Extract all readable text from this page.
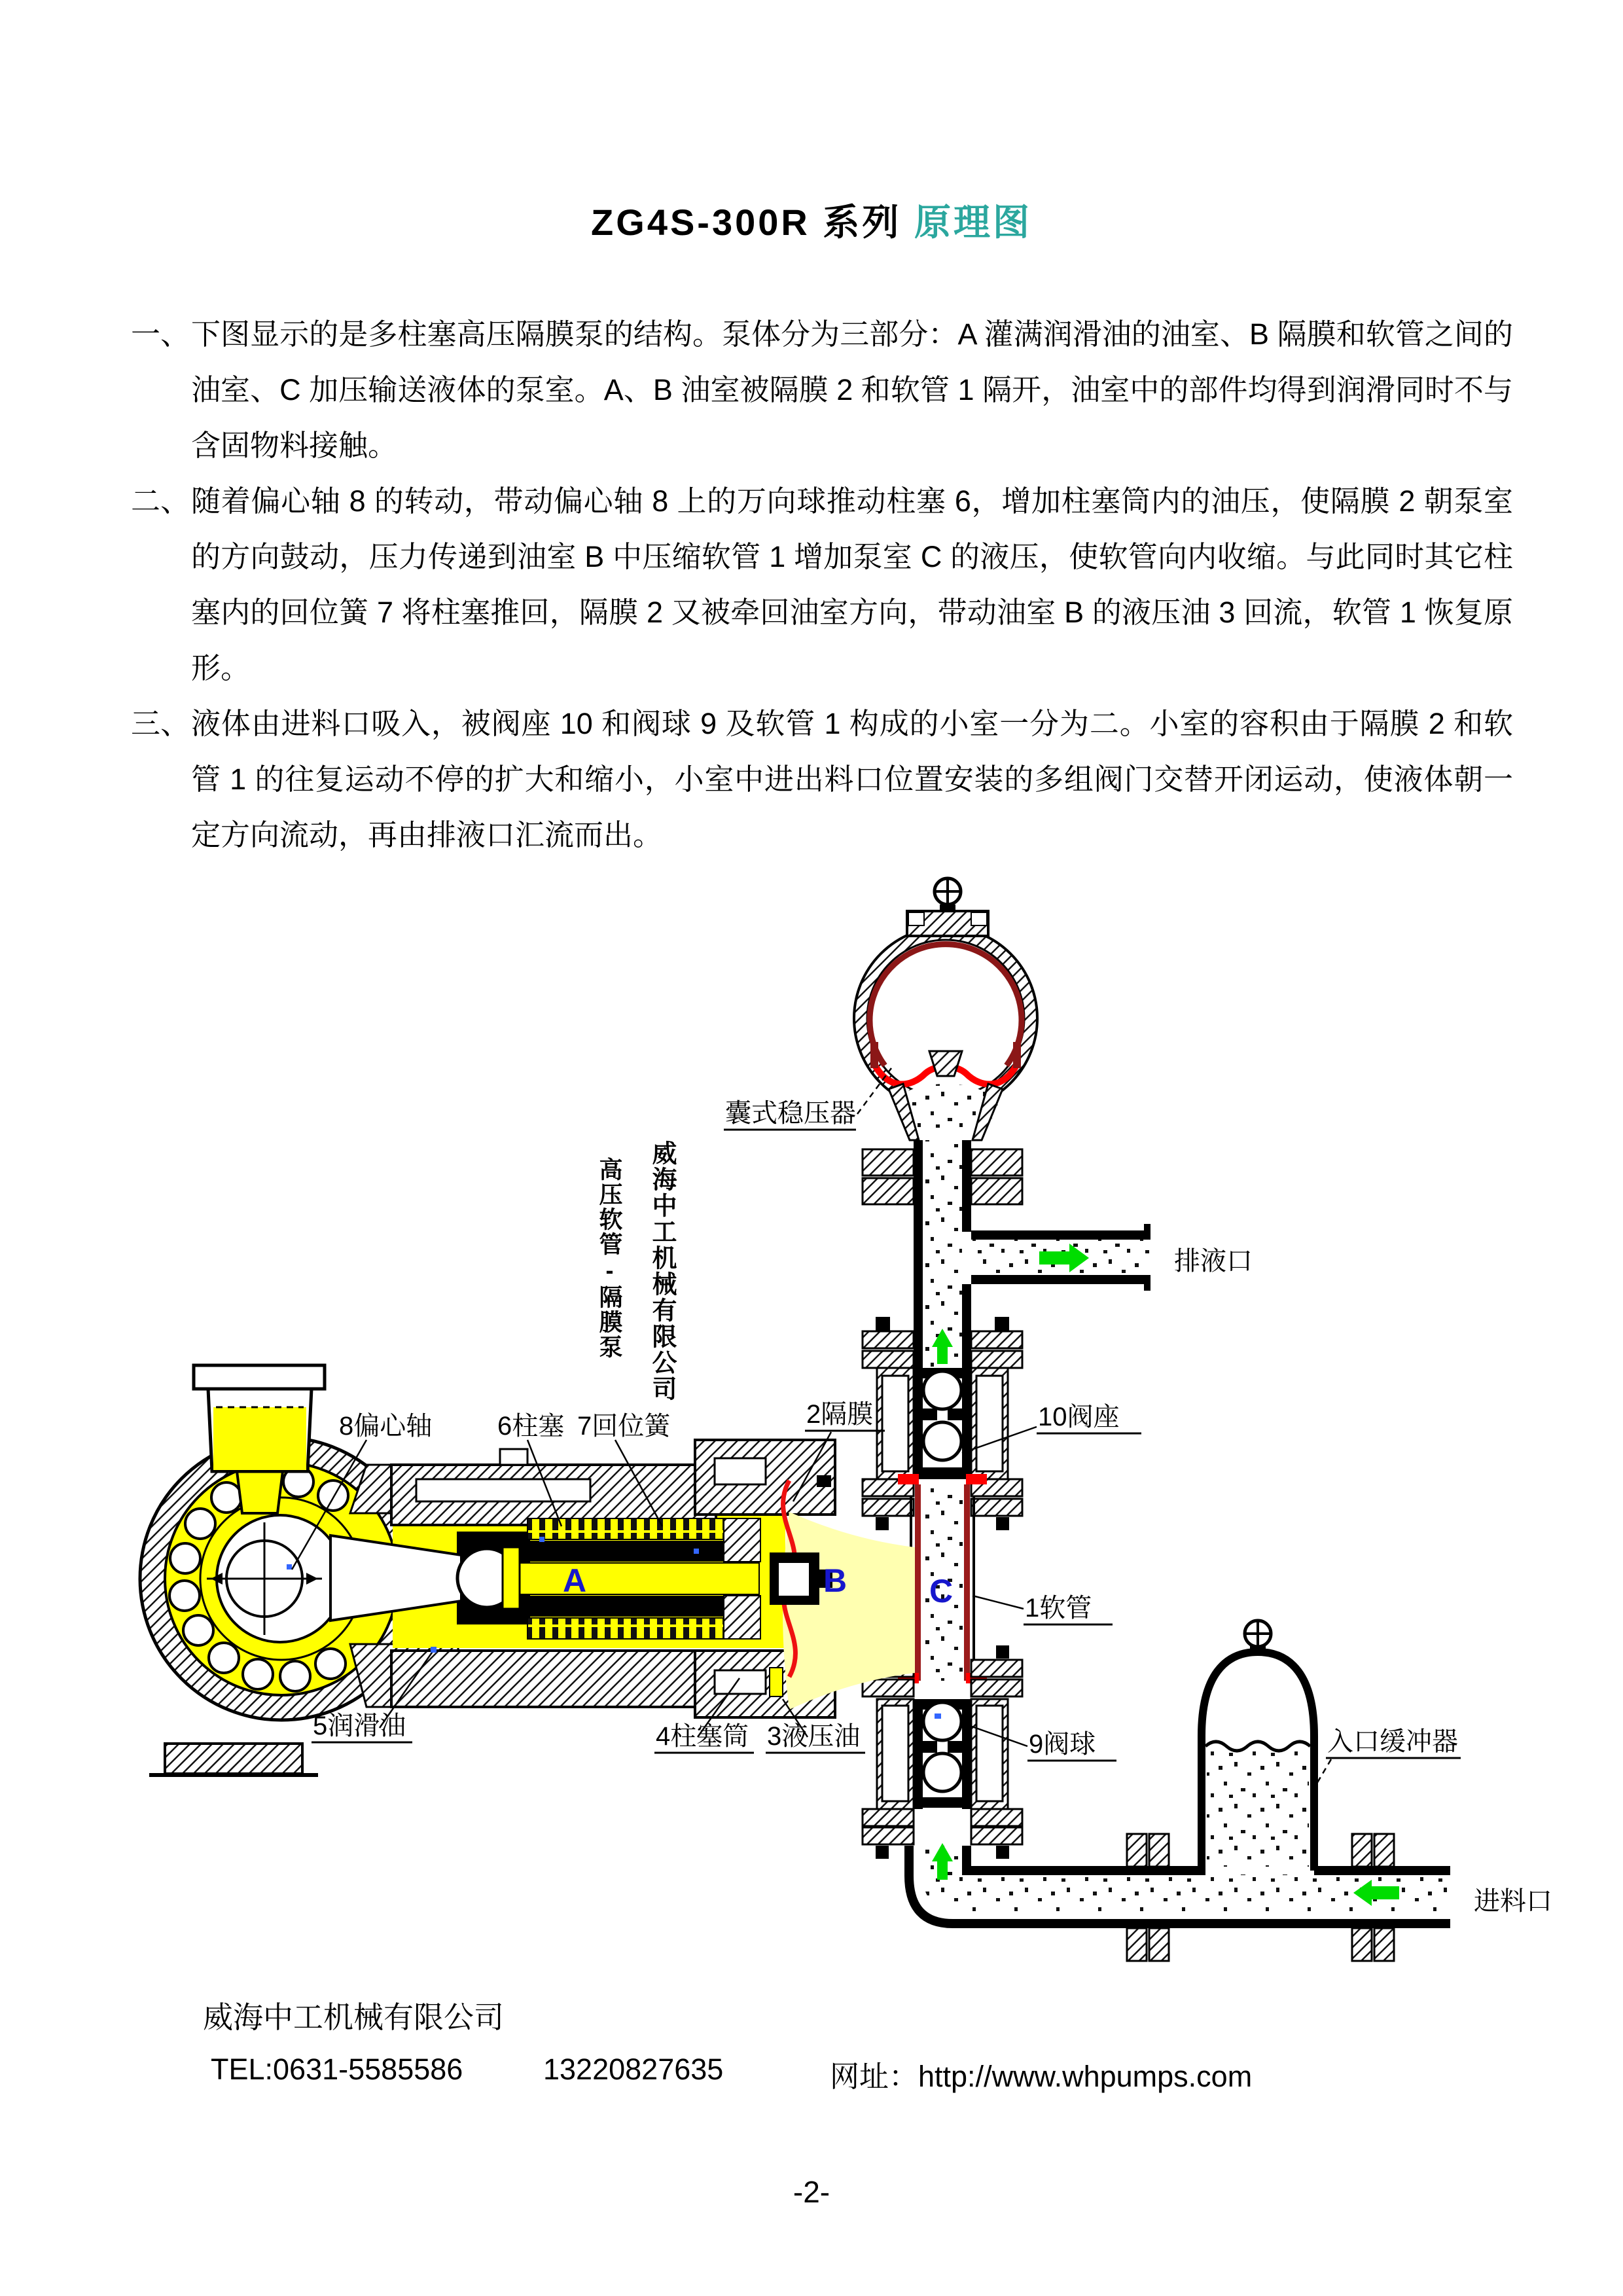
ZG4S-300R 系列 原理图
一、 下图显示的是多柱塞高压隔膜泵的结构。泵体分为三部分：A 灌满润滑油的油室、B 隔膜和软管之间的油室、C 加压输送液体的泵室。A、B 油室被隔膜 2 和软管 1 隔开，油室中的部件均得到润滑同时不与含固物料接触。
二、 随着偏心轴 8 的转动，带动偏心轴 8 上的万向球推动柱塞 6，增加柱塞筒内的油压，使隔膜 2 朝泵室的方向鼓动，压力传递到油室 B 中压缩软管 1 增加泵室 C 的液压，使软管向内收缩。与此同时其它柱塞内的回位簧 7 将柱塞推回，隔膜 2 又被牵回油室方向，带动油室 B 的液压油 3 回流，软管 1 恢复原形。
三、 液体由进料口吸入，被阀座 10 和阀球 9 及软管 1 构成的小室一分为二。小室的容积由于隔膜 2 和软管 1 的往复运动不停的扩大和缩小，小室中进出料口位置安装的多组阀门交替开闭运动，使液体朝一定方向流动，再由排液口汇流而出。
威海中工机械有限公司
高压软管-隔膜泵
C
A	B
8偏心轴 6柱塞 7回位簧	2隔膜	10阀座
1软管
9阀球
5润滑油	4柱塞筒 3液压油
囊式稳压器
排液口
入口缓冲器
进料口
威海中工机械有限公司
TEL:0631-5585586	13220827635	网址：http://www.whpumps.com
-2-
